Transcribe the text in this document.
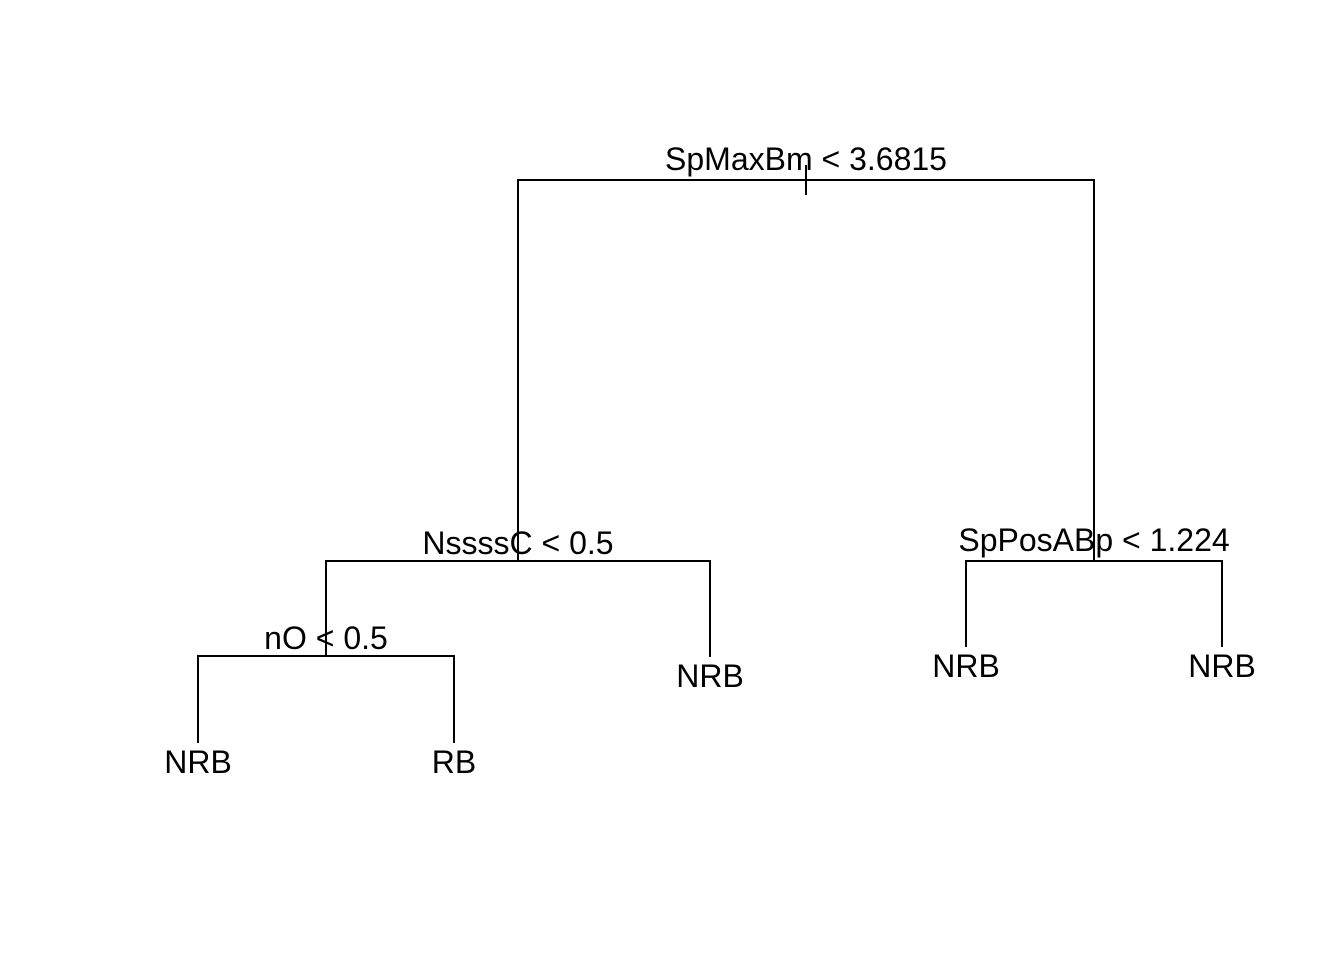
SpMaxBm < 3.6815
NssssC < 0.5
nO < 0.5
SpPosABp < 1.224
NRB	RB
NRB	NRB	NRB
